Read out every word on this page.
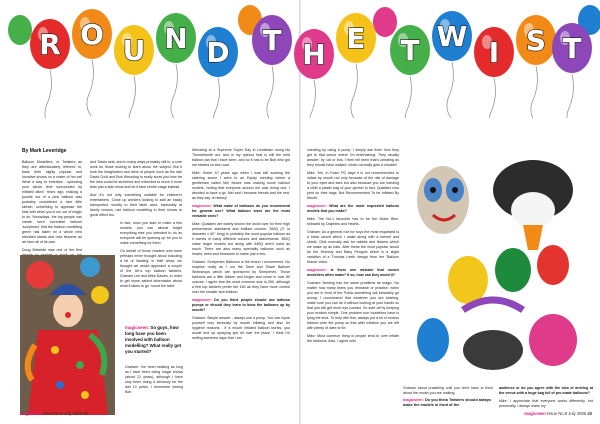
By Mark Leveridge

Balloon Modellers, or Twisters as they are affectionately referred to, base their highly popular and lucrative shows on a roster of hot art! What a way to entertain - spending your whole time surrounded by inflated latex! Years ago, making a poodle out of a pink balloon was probably considered a nice little sketch; something to appease the kids with when you'd run out of magic to do. Nowadays, the top people can create such incredible balloon 'sculptures' that the balloon modelling genre has taken on a whole new elevated status and now become an art form all of its own.

Doug Birkebile was one of the first

and Twists sets, and in many ways probably still is, a core work for those looking to learn about the subject. But it took the imagination and drive of people such as the late David Gold and Bob Weusting to really show just how far the idea could be stretched and extended to move it more than just a side show and let it take centre stage instead.

And it's not only something suitable for children's entertainers. Close up workers looking to add an easily transported novelty to their table work, especially at family venues, use balloon modelling in their shows to great effect too.

In fact, once you start to make a few models, you can almost forget everything else you intended to do as everyone will be queuing up for you to make something for them.

On behalf of those readers who have perhaps never thought about including a bit of 'twisting' in their show, we thought we would approach a couple of the UK's top balloon twisters, Graham Lee and Mike Davies, in order to get some salient information about what it takes to go 'round the twist'.

magicseen: So guys, how long have you been involved with balloon modelling? What really got you started?

Graham: I've been twisting as long as I have been doing magic shows (about 21 years), although I have only been doing it seriously for the last 10 years. I remember seeing Bob

Weusting at a Supreme Super Day in Lewisham using his Thunderknife act, and in my opinion that is still the best balloon act that I have seen, and so it has to be Bob who got me started on this road.

Mike: Some 10 years ago when I was still working the catering scene I went to an Equity meeting where a gentleman called Mel Moore was making some balloon models. Noting that everyone around me was doing one, I decided to have a go. Mel and I became friends and the rest, as they say, is history!

magicseen: What make of balloons do you recommend for general use? What balloon sizes are the most versatile ones?

Mike: Qualatex are widely known the world over for their high performance standards and brilliant colours. 260Q (2" in diameter x 60" long) is probably the most popular balloon as it comes in many different colours and assortments. 350Q make larger models but along with 646Q aren't used as much. There are also many speciality balloons such as hearts, bees and blossoms to name just a few.

Graham: Sempertex Balloons is the brand I recommend. No surprise really as I run the Semi and Share Balloon Workshops which are sponsored by Sempertex. Those balloons are a little thicker and longer and come in over 80 colours. I agree that the most common size is 260, although a few top twisters prefer the 160 as they have more control over the smaller size balloon.

magicseen: Do you think people should use balloon pumps or should they learn to blow the balloons up by mouth?

Graham: Simple answer - always use a pump. You can injure yourself very seriously by mouth inflating and also for hygiene reasons - if a mouth inflated balloon bursts, you would end up spraying spit all over the place. I think I'm setting someone says that I am

magicseen Issue No.9 July 2006 42

cheating by using a pump, I simply ask them how they get to that venue where I'm entertaining. They usually answer: by car or bus. I then tell them that's cheating as they should have walked, which normally gets a chuckle!

Mike: Yes, in Foam PG days it is not recommended to inflate by mouth not only because of the risk of damage to your eyes and ears but also because you are handing a child a plastic bag of your germs! In fact, Qualatex now print on their bags 'Not Recommended To be Inflated By Mouth'.

magicseen: What are the most requested balloon models that you make?

Mike: The No.1 favourite has to be the Motor Bike, followed by Dolphins and Hearts.

Graham: As a general rule for boys the most requested is a basic sword which I make along with a helmet and shield. Girls normally ask for rabbits and flowers which we make up as hats. After these the most popular would be the Mummy and Baby Penguin which is a slight variation of a Thomas Leeth design from her 'Balloon Mania' video.

magicseen: Is there one mistake that novice modellers often make? If so, how can they avoid it?

Graham: Nesting has the same problems as magic. No matter how many times you rehearse or practise, when you are in front of the Public something will inevitably go wrong. I recommend that whatever you are twisting, make sure you can do it without looking at your hands so that you will get more eye contact. So start off by keeping your models simple. One problem non modellers have is tying the knot. To help with this, always put a bit of excess balloon onto the pump so that after inflation you are left with plenty of latex to tie.

Mike: Most common thing is people tend to over inflate the balloons. Also, I agree with

Graham about practising until you don't have to think about the model you are making.

magicseen: Do you think Twisters should always make the models in front of the

audience or do you agree with the idea of arriving at the venue with a huge bag full of pre-made balloons?

Mike: I appreciate that everyone works differently, but personally, I always make my

magicseen Issue No.9 July 2006 43
R O U N D T H E T W I S T
